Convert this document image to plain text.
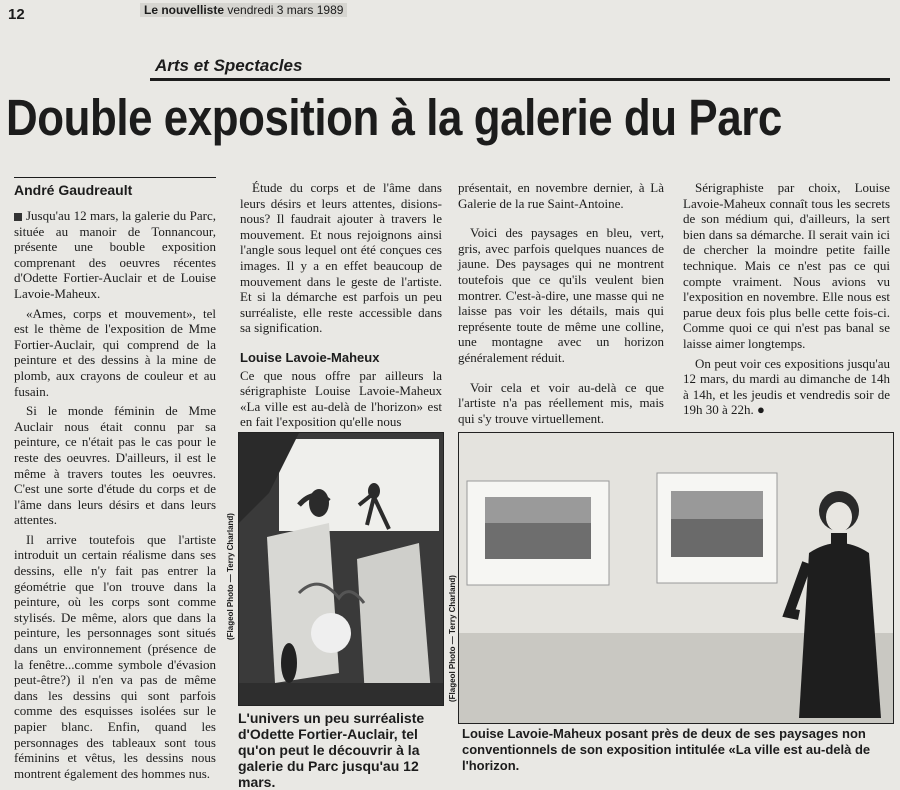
12	Le nouvelliste vendredi 3 mars 1989
Arts et Spectacles
Double exposition à la galerie du Parc
André Gaudreault

Jusqu'au 12 mars, la galerie du Parc, située au manoir de Tonnancour, présente une bouble exposition comprenant des oeuvres récentes d'Odette Fortier-Auclair et de Louise Lavoie-Maheux.

«Ames, corps et mouvement», tel est le thème de l'exposition de Mme Fortier-Auclair, qui comprend de la peinture et des dessins à la mine de plomb, aux crayons de couleur et au fusain.

Si le monde féminin de Mme Auclair nous était connu par sa peinture, ce n'était pas le cas pour le reste des oeuvres. D'ailleurs, il est le même à travers toutes les oeuvres. C'est une sorte d'étude du corps et de l'âme dans leurs désirs et dans leurs attentes.

Il arrive toutefois que l'artiste introduit un certain réalisme dans ses dessins, elle n'y fait pas entrer la géométrie que l'on trouve dans la peinture, où les corps sont comme stylisés. De même, alors que dans la peinture, les personnages sont situés dans un environnement (présence de la fenêtre...comme symbole d'évasion peut-être?) il n'en va pas de même dans les dessins qui sont parfois comme des esquisses isolées sur le papier blanc. Enfin, quand les personnages des tableaux sont tous féminins et vêtus, les dessins nous montrent également des hommes nus.

Étude du corps et de l'âme dans leurs désirs et leurs attentes, disions-nous? Il faudrait ajouter à travers le mouvement. Et nous rejoignons ainsi l'angle sous lequel ont été conçues ces images. Il y a en effet beaucoup de mouvement dans le geste de l'artiste. Et si la démarche est parfois un peu surréaliste, elle reste accessible dans sa signification.

Louise Lavoie-Maheux

Ce que nous offre par ailleurs la sérigraphiste Louise Lavoie-Maheux «La ville est au-delà de l'horizon» est en fait l'exposition qu'elle nous

présentait, en novembre dernier, à Là Galerie de la rue Saint-Antoine.

Voici des paysages en bleu, vert, gris, avec parfois quelques nuances de jaune. Des paysages qui ne montrent toutefois que ce qu'ils veulent bien montrer. C'est-à-dire, une masse qui ne laisse pas voir les détails, mais qui représente toute de même une colline, une montagne avec un horizon généralement réduit.

Voir cela et voir au-delà ce que l'artiste n'a pas réellement mis, mais qui s'y trouve virtuellement.

Sérigraphiste par choix, Louise Lavoie-Maheux connaît tous les secrets de son médium qui, d'ailleurs, la sert bien dans sa démarche. Il serait vain ici de chercher la moindre petite faille technique. Mais ce n'est pas ce qui compte vraiment. Nous avions vu l'exposition en novembre. Elle nous est parue deux fois plus belle cette fois-ci. Comme quoi ce qui n'est pas banal se laisse aimer longtemps.

On peut voir ces expositions jusqu'au 12 mars, du mardi au dimanche de 14h à 14h, et les jeudis et vendredis soir de 19h 30 à 22h. ●

(Flageol Photo — Terry Charland)	(Flageol Photo — Terry Charland)
L'univers un peu surréaliste d'Odette Fortier-Auclair, tel qu'on peut le découvrir à la galerie du Parc jusqu'au 12 mars.
Louise Lavoie-Maheux posant près de deux de ses paysages non conventionnels de son exposition intitulée «La ville est au-delà de l'horizon.
